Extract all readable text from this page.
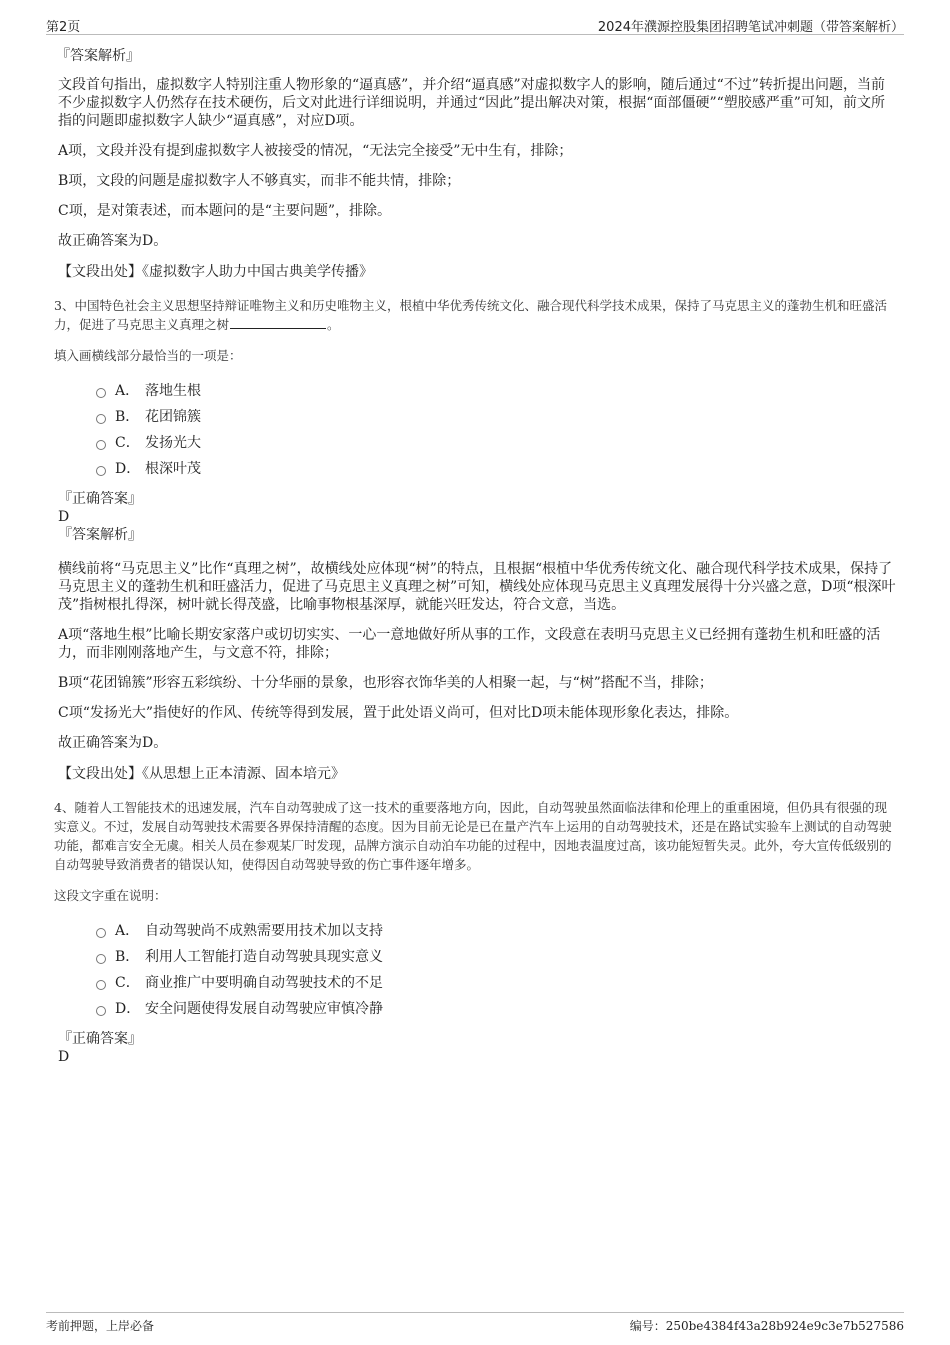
第2页	2024年濮源控股集团招聘笔试冲刺题（带答案解析）
『答案解析』
文段首句指出，虚拟数字人特别注重人物形象的“逼真感”，并介绍“逼真感”对虚拟数字人的影响，随后通过“不过”转折提出问题，当前不少虚拟数字人仍然存在技术硬伤，后文对此进行详细说明，并通过“因此”提出解决对策，根据“面部僵硬”“塑胶感严重”可知，前文所指的问题即虚拟数字人缺少“逼真感”，对应D项。
A项，文段并没有提到虚拟数字人被接受的情况，“无法完全接受”无中生有，排除；
B项，文段的问题是虚拟数字人不够真实，而非不能共情，排除；
C项，是对策表述，而本题问的是“主要问题”，排除。
故正确答案为D。
【文段出处】《虚拟数字人助力中国古典美学传播》
3、中国特色社会主义思想坚持辩证唯物主义和历史唯物主义，根植中华优秀传统文化、融合现代科学技术成果，保持了马克思主义的蓬勃生机和旺盛活力，促进了马克思主义真理之树	。
填入画横线部分最恰当的一项是：
A． 落地生根
B． 花团锦簇
C． 发扬光大
D． 根深叶茂
『正确答案』
D
『答案解析』
横线前将“马克思主义”比作“真理之树”，故横线处应体现“树”的特点，且根据“根植中华优秀传统文化、融合现代科学技术成果，保持了马克思主义的蓬勃生机和旺盛活力，促进了马克思主义真理之树”可知，横线处应体现马克思主义真理发展得十分兴盛之意，D项“根深叶茂”指树根扎得深，树叶就长得茂盛，比喻事物根基深厚，就能兴旺发达，符合文意，当选。
A项“落地生根”比喻长期安家落户或切切实实、一心一意地做好所从事的工作，文段意在表明马克思主义已经拥有蓬勃生机和旺盛的活力，而非刚刚落地产生，与文意不符，排除；
B项“花团锦簇”形容五彩缤纷、十分华丽的景象，也形容衣饰华美的人相聚一起，与“树”搭配不当，排除；
C项“发扬光大”指使好的作风、传统等得到发展，置于此处语义尚可，但对比D项未能体现形象化表达，排除。
故正确答案为D。
【文段出处】《从思想上正本清源、固本培元》
4、随着人工智能技术的迅速发展，汽车自动驾驶成了这一技术的重要落地方向，因此，自动驾驶虽然面临法律和伦理上的重重困境，但仍具有很强的现实意义。不过，发展自动驾驶技术需要各界保持清醒的态度。因为目前无论是已在量产汽车上运用的自动驾驶技术，还是在路试实验车上测试的自动驾驶功能，都难言安全无虞。相关人员在参观某厂时发现，品牌方演示自动泊车功能的过程中，因地表温度过高，该功能短暂失灵。此外，夸大宣传低级别的自动驾驶导致消费者的错误认知，使得因自动驾驶导致的伤亡事件逐年增多。
这段文字重在说明：
A． 自动驾驶尚不成熟需要用技术加以支持
B． 利用人工智能打造自动驾驶具现实意义
C． 商业推广中要明确自动驾驶技术的不足
D． 安全问题使得发展自动驾驶应审慎冷静
『正确答案』
D
考前押题，上岸必备	编号：250be4384f43a28b924e9c3e7b527586
